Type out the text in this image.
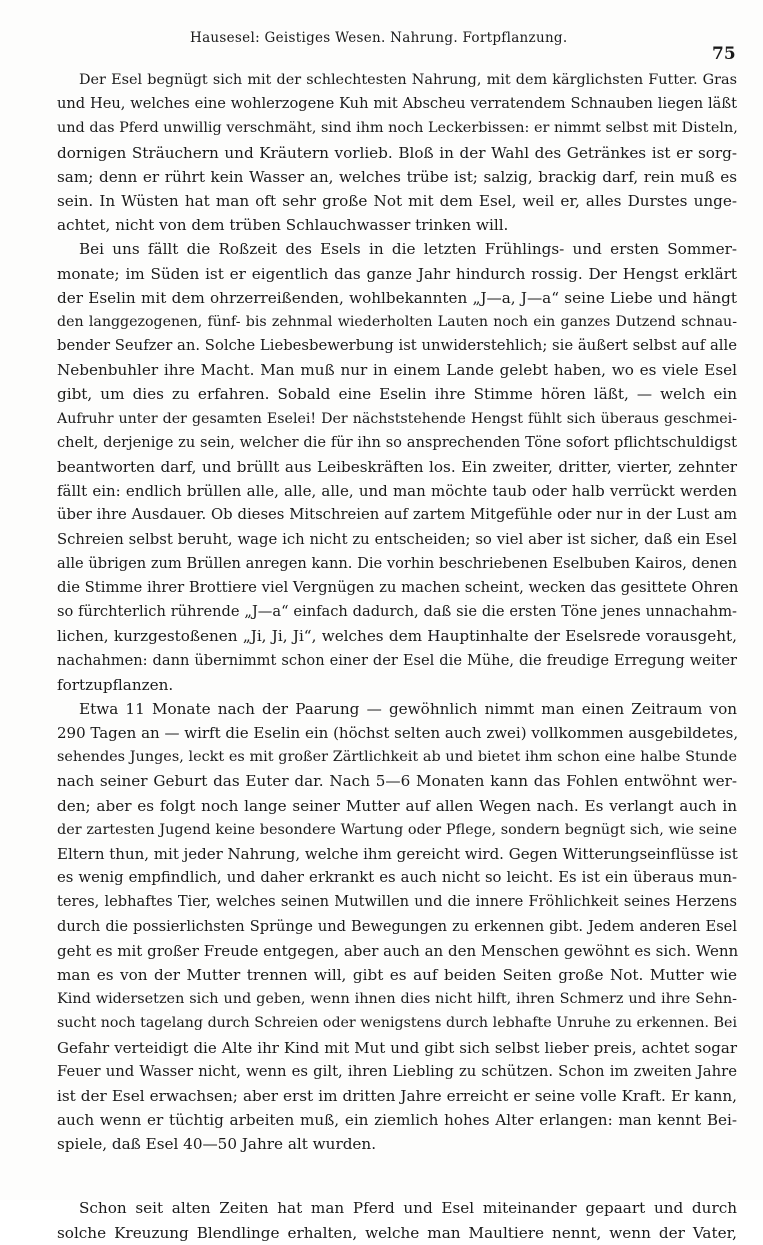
Hausesel: Geistiges Wesen. Nahrung. Fortpflanzung.
75
Der Esel begnügt sich mit der schlechtesten Nahrung, mit dem kärglichsten Futter. Gras
und Heu, welches eine wohlerzogene Kuh mit Abscheu verratendem Schnauben liegen läßt
und das Pferd unwillig verschmäht, sind ihm noch Leckerbissen: er nimmt selbst mit Disteln,
dornigen Sträuchern und Kräutern vorlieb. Bloß in der Wahl des Getränkes ist er sorg-
sam; denn er rührt kein Wasser an, welches trübe ist; salzig, brackig darf, rein muß es
sein. In Wüsten hat man oft sehr große Not mit dem Esel, weil er, alles Durstes unge-
achtet, nicht von dem trüben Schlauchwasser trinken will.
Bei uns fällt die Roßzeit des Esels in die letzten Frühlings- und ersten Sommer-
monate; im Süden ist er eigentlich das ganze Jahr hindurch rossig. Der Hengst erklärt
der Eselin mit dem ohrzerreißenden, wohlbekannten „J—a, J—a“ seine Liebe und hängt
den langgezogenen, fünf- bis zehnmal wiederholten Lauten noch ein ganzes Dutzend schnau-
bender Seufzer an. Solche Liebesbewerbung ist unwiderstehlich; sie äußert selbst auf alle
Nebenbuhler ihre Macht. Man muß nur in einem Lande gelebt haben, wo es viele Esel
gibt, um dies zu erfahren. Sobald eine Eselin ihre Stimme hören läßt, — welch ein
Aufruhr unter der gesamten Eselei! Der nächststehende Hengst fühlt sich überaus geschmei-
chelt, derjenige zu sein, welcher die für ihn so ansprechenden Töne sofort pflichtschuldigst
beantworten darf, und brüllt aus Leibeskräften los. Ein zweiter, dritter, vierter, zehnter
fällt ein: endlich brüllen alle, alle, alle, und man möchte taub oder halb verrückt werden
über ihre Ausdauer. Ob dieses Mitschreien auf zartem Mitgefühle oder nur in der Lust am
Schreien selbst beruht, wage ich nicht zu entscheiden; so viel aber ist sicher, daß ein Esel
alle übrigen zum Brüllen anregen kann. Die vorhin beschriebenen Eselbuben Kairos, denen
die Stimme ihrer Brottiere viel Vergnügen zu machen scheint, wecken das gesittete Ohren
so fürchterlich rührende „J—a“ einfach dadurch, daß sie die ersten Töne jenes unnachahm-
lichen, kurzgestoßenen „Ji, Ji, Ji“, welches dem Hauptinhalte der Eselsrede vorausgeht,
nachahmen: dann übernimmt schon einer der Esel die Mühe, die freudige Erregung weiter
fortzupflanzen.
Etwa 11 Monate nach der Paarung — gewöhnlich nimmt man einen Zeitraum von
290 Tagen an — wirft die Eselin ein (höchst selten auch zwei) vollkommen ausgebildetes,
sehendes Junges, leckt es mit großer Zärtlichkeit ab und bietet ihm schon eine halbe Stunde
nach seiner Geburt das Euter dar. Nach 5—6 Monaten kann das Fohlen entwöhnt wer-
den; aber es folgt noch lange seiner Mutter auf allen Wegen nach. Es verlangt auch in
der zartesten Jugend keine besondere Wartung oder Pflege, sondern begnügt sich, wie seine
Eltern thun, mit jeder Nahrung, welche ihm gereicht wird. Gegen Witterungseinflüsse ist
es wenig empfindlich, und daher erkrankt es auch nicht so leicht. Es ist ein überaus mun-
teres, lebhaftes Tier, welches seinen Mutwillen und die innere Fröhlichkeit seines Herzens
durch die possierlichsten Sprünge und Bewegungen zu erkennen gibt. Jedem anderen Esel
geht es mit großer Freude entgegen, aber auch an den Menschen gewöhnt es sich. Wenn
man es von der Mutter trennen will, gibt es auf beiden Seiten große Not. Mutter wie
Kind widersetzen sich und geben, wenn ihnen dies nicht hilft, ihren Schmerz und ihre Sehn-
sucht noch tagelang durch Schreien oder wenigstens durch lebhafte Unruhe zu erkennen. Bei
Gefahr verteidigt die Alte ihr Kind mit Mut und gibt sich selbst lieber preis, achtet sogar
Feuer und Wasser nicht, wenn es gilt, ihren Liebling zu schützen. Schon im zweiten Jahre
ist der Esel erwachsen; aber erst im dritten Jahre erreicht er seine volle Kraft. Er kann,
auch wenn er tüchtig arbeiten muß, ein ziemlich hohes Alter erlangen: man kennt Bei-
spiele, daß Esel 40—50 Jahre alt wurden.
Schon seit alten Zeiten hat man Pferd und Esel miteinander gepaart und durch
solche Kreuzung Blendlinge erhalten, welche man Maultiere nennt, wenn der Vater,
